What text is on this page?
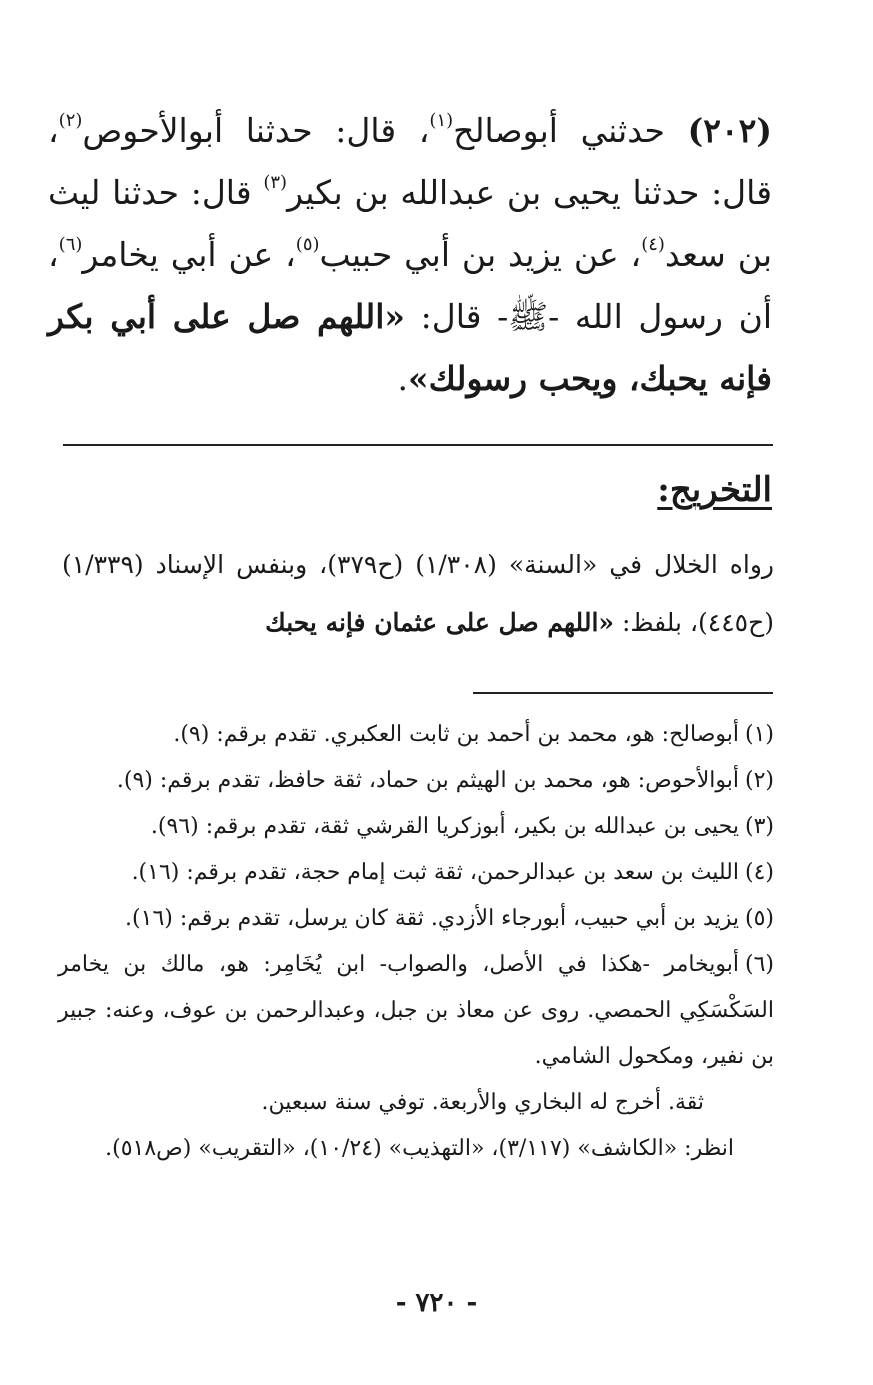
(٢٠٢) حدثني أبوصالح$^{(١)}$، قال: حدثنا أبوالأحوص$^{(٢)}$، قال: حدثنا يحيى بن عبدالله بن بكير$^{(٣)}$ قال: حدثنا ليث بن سعد$^{(٤)}$، عن يزيد بن أبي حبيب$^{(٥)}$، عن أبي يخامر$^{(٦)}$، أن رسول الله -ﷺ- قال: «اللهم صل على أبي بكر فإنه يحبك، ويحب رسولك».
التخريج:
رواه الخلال في «السنة» (١/٣٠٨) (ح٣٧٩)، وبنفس الإسناد (١/٣٣٩) (ح٤٤٥)، بلفظ: «اللهم صل على عثمان فإنه يحبك

(١)أبوصالح: هو، محمد بن أحمد بن ثابت العكبري. تقدم برقم: (٩).

(٢)أبوالأحوص: هو، محمد بن الهيثم بن حماد، ثقة حافظ، تقدم برقم: (٩).

(٣)يحيى بن عبدالله بن بكير، أبوزكريا القرشي ثقة، تقدم برقم: (٩٦).

(٤)الليث بن سعد بن عبدالرحمن، ثقة ثبت إمام حجة، تقدم برقم: (١٦).

(٥)يزيد بن أبي حبيب، أبورجاء الأزدي. ثقة كان يرسل، تقدم برقم: (١٦).

(٦)أبويخامر -هكذا في الأصل، والصواب- ابن يُخَامِر: هو، مالك بن يخامر السَكْسَكِي الحمصي. روى عن معاذ بن جبل، وعبدالرحمن بن عوف، وعنه: جبير بن نفير، ومكحول الشامي.

ثقة. أخرج له البخاري والأربعة. توفي سنة سبعين.

انظر: «الكاشف» (٣/١١٧)، «التهذيب» (١٠/٢٤)، «التقريب» (ص٥١٨).

- ٧٢٠ -
